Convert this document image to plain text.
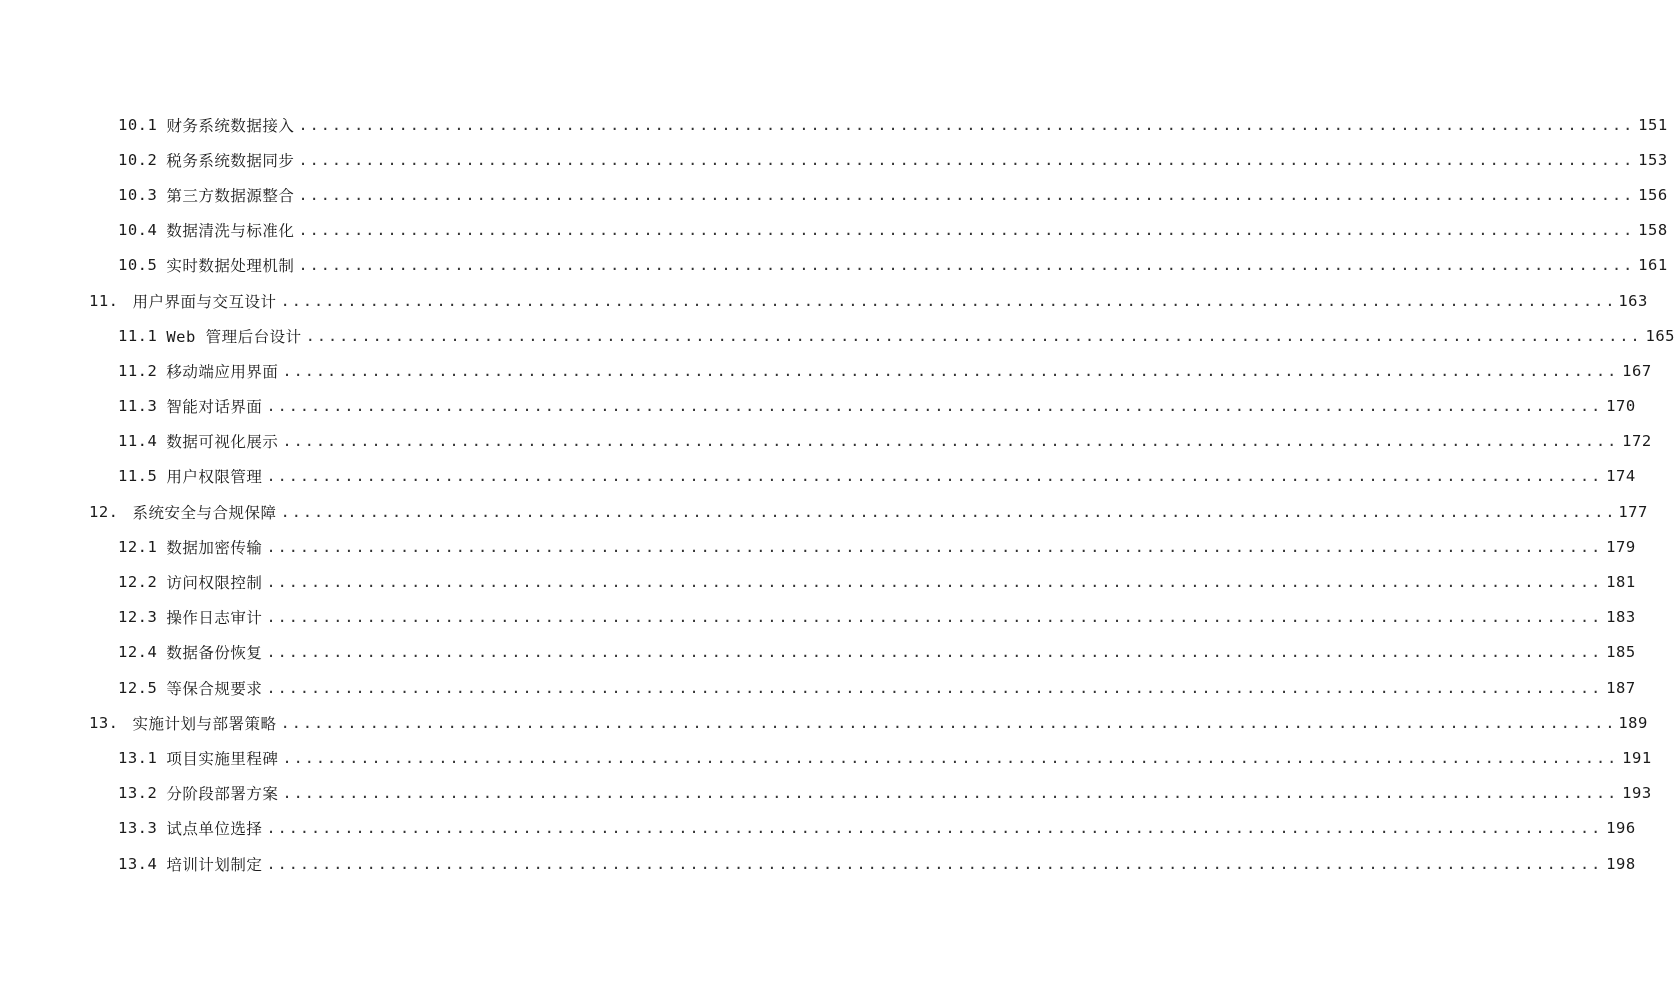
10.1 财务系统数据接入 ........................................................................................................................ 151
10.2 税务系统数据同步 ........................................................................................................................ 153
10.3 第三方数据源整合 ........................................................................................................................ 156
10.4 数据清洗与标准化 ........................................................................................................................ 158
10.5 实时数据处理机制 ........................................................................................................................ 161
11. 用户界面与交互设计 ........................................................................................................................ 163
11.1 Web 管理后台设计 ........................................................................................................................ 165
11.2 移动端应用界面 ........................................................................................................................ 167
11.3 智能对话界面 ........................................................................................................................ 170
11.4 数据可视化展示 ........................................................................................................................ 172
11.5 用户权限管理 ........................................................................................................................ 174
12. 系统安全与合规保障 ........................................................................................................................ 177
12.1 数据加密传输 ........................................................................................................................ 179
12.2 访问权限控制 ........................................................................................................................ 181
12.3 操作日志审计 ........................................................................................................................ 183
12.4 数据备份恢复 ........................................................................................................................ 185
12.5 等保合规要求 ........................................................................................................................ 187
13. 实施计划与部署策略 ........................................................................................................................ 189
13.1 项目实施里程碑 ........................................................................................................................ 191
13.2 分阶段部署方案 ........................................................................................................................ 193
13.3 试点单位选择 ........................................................................................................................ 196
13.4 培训计划制定 ........................................................................................................................ 198
